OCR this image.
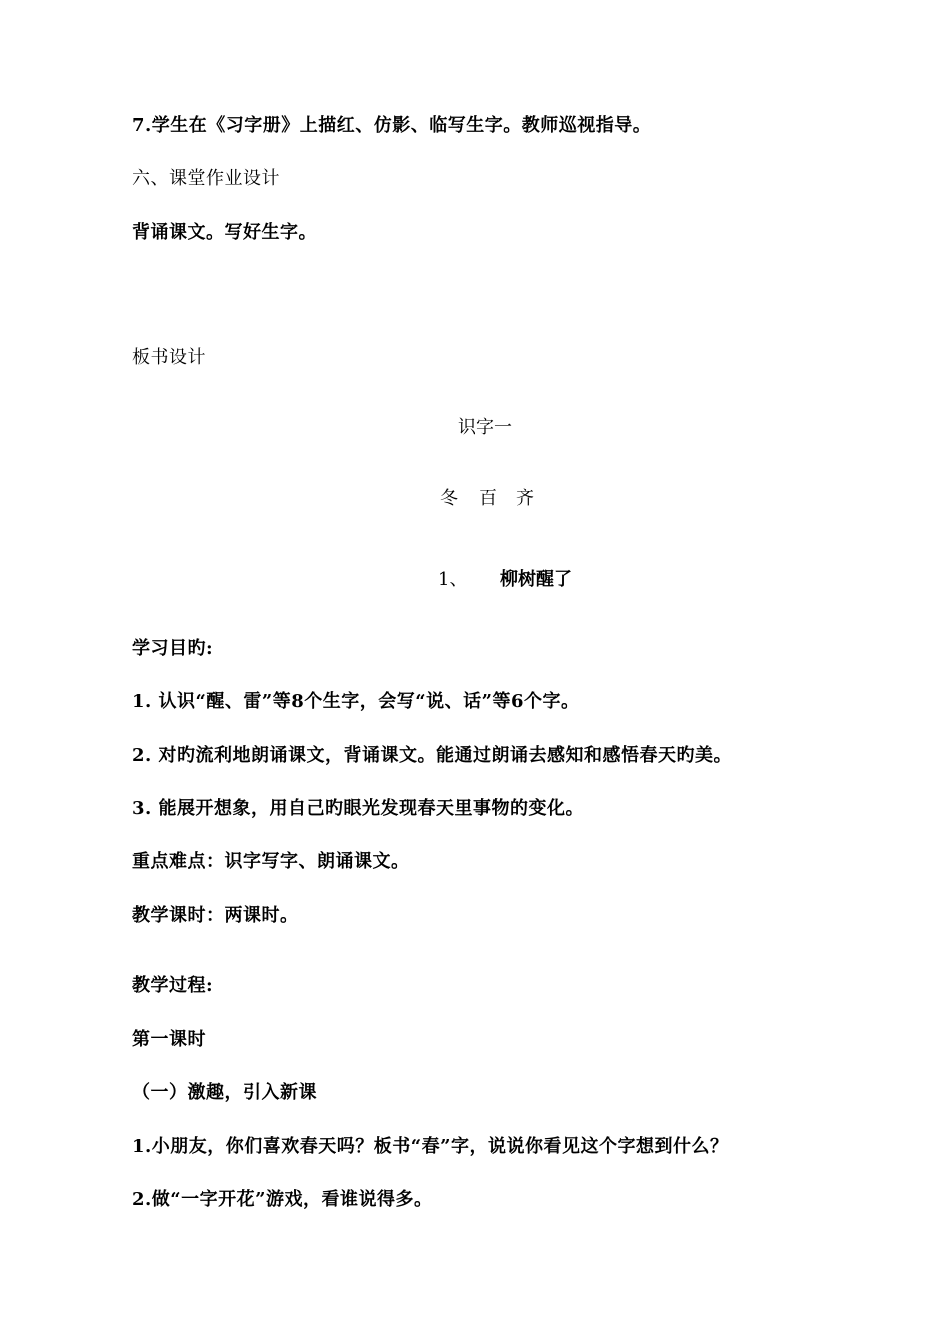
7.学生在《习字册》上描红、仿影、临写生字。教师巡视指导。
六、课堂作业设计
背诵课文。写好生字。
板书设计
识字一
冬 百 齐
1、 柳树醒了
学习目旳:
1. 认识“醒、雷”等8个生字，会写“说、话”等6个字。
2. 对旳流利地朗诵课文，背诵课文。能通过朗诵去感知和感悟春天旳美。
3. 能展开想象，用自己旳眼光发现春天里事物的变化。
重点难点：识字写字、朗诵课文。
教学课时：两课时。
教学过程:
第一课时
（一）激趣，引入新课
1.小朋友，你们喜欢春天吗？板书“春”字，说说你看见这个字想到什么？
2.做“一字开花”游戏，看谁说得多。
